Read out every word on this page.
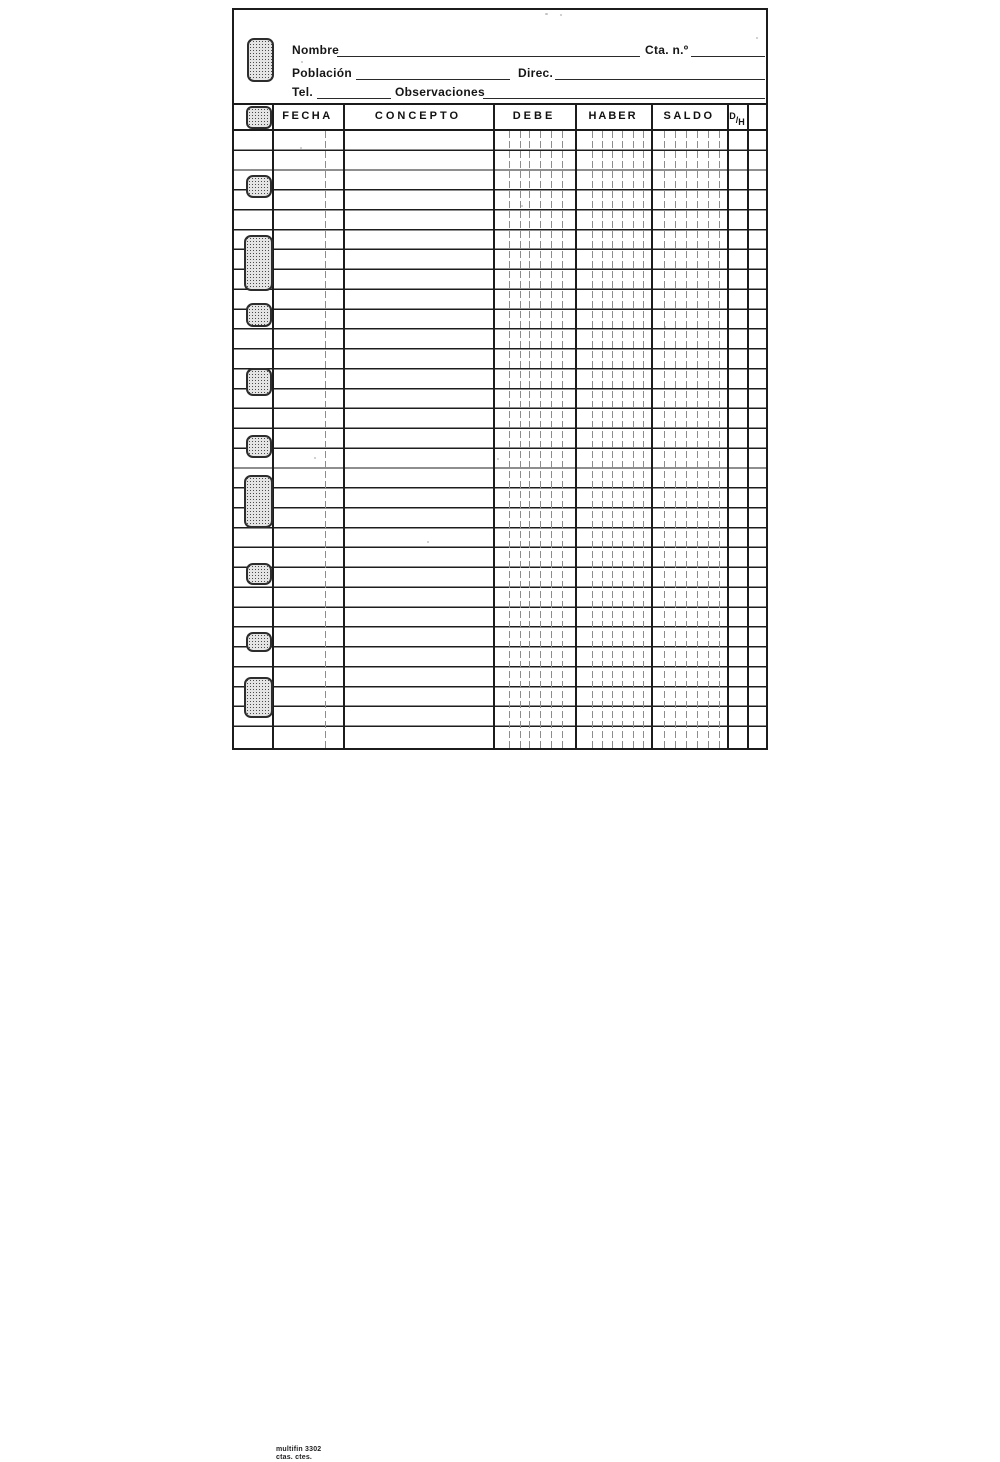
Nombre	Cta. n.º
Población	Direc.
Tel.	Observaciones
FECHA	CONCEPTO	DEBE	HABER	SALDO	D/H
multifin 3302
ctas. ctes.
